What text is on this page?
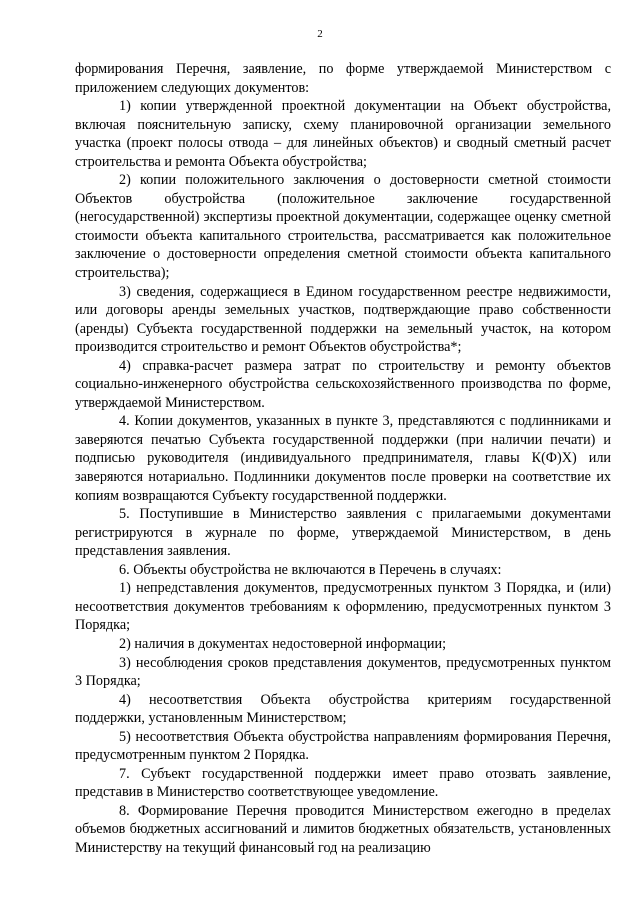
2

формирования Перечня, заявление, по форме утверждаемой Министерством с приложением следующих документов:

1) копии утвержденной проектной документации на Объект обустройства, включая пояснительную записку, схему планировочной организации земельного участка (проект полосы отвода – для линейных объектов) и сводный сметный расчет строительства и ремонта Объекта обустройства;

2) копии положительного заключения о достоверности сметной стоимости Объектов обустройства (положительное заключение государственной (негосударственной) экспертизы проектной документации, содержащее оценку сметной стоимости объекта капитального строительства, рассматривается как положительное заключение о достоверности определения сметной стоимости объекта капитального строительства);

3) сведения, содержащиеся в Едином государственном реестре недвижимости, или договоры аренды земельных участков, подтверждающие право собственности (аренды) Субъекта государственной поддержки на земельный участок, на котором производится строительство и ремонт Объектов обустройства*;

4) справка-расчет размера затрат по строительству и ремонту объектов социально-инженерного обустройства сельскохозяйственного производства по форме, утверждаемой Министерством.

4. Копии документов, указанных в пункте 3, представляются с подлинниками и заверяются печатью Субъекта государственной поддержки (при наличии печати) и подписью руководителя (индивидуального предпринимателя, главы К(Ф)Х) или заверяются нотариально. Подлинники документов после проверки на соответствие их копиям возвращаются Субъекту государственной поддержки.

5. Поступившие в Министерство заявления с прилагаемыми документами регистрируются в журнале по форме, утверждаемой Министерством, в день представления заявления.

6. Объекты обустройства не включаются в Перечень в случаях:

1) непредставления документов, предусмотренных пунктом 3 Порядка, и (или) несоответствия документов требованиям к оформлению, предусмотренных пунктом 3 Порядка;

2) наличия в документах недостоверной информации;

3) несоблюдения сроков представления документов, предусмотренных пунктом 3 Порядка;

4) несоответствия Объекта обустройства критериям государственной поддержки, установленным Министерством;

5) несоответствия Объекта обустройства направлениям формирования Перечня, предусмотренным пунктом 2 Порядка.

7. Субъект государственной поддержки имеет право отозвать заявление, представив в Министерство соответствующее уведомление.

8. Формирование Перечня проводится Министерством ежегодно в пределах объемов бюджетных ассигнований и лимитов бюджетных обязательств, установленных Министерству на текущий финансовый год на реализацию
